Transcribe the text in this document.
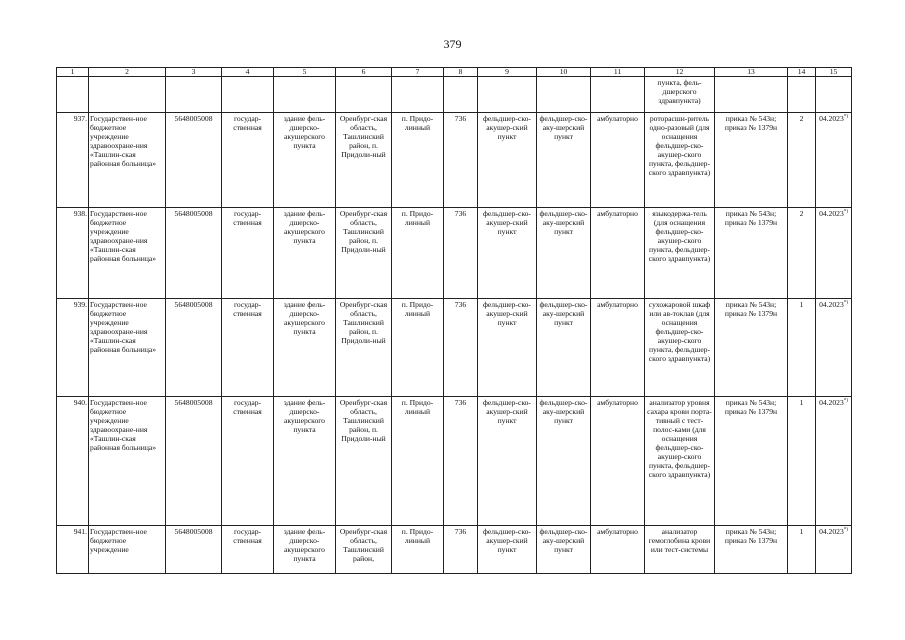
379
1	2	3	4	5	6	7	8	9	10	11	12	13	14	15
											пункта, фель-дшерского здравпункта)			
937.	Государствен-ное бюджетное учреждение здравоохране-ния «Ташлин-ская районная больница»	5648005008	государ-ственная	здание фель-дшерско-акушерского пункта	Оренбург-ская область, Ташлинский район, п. Придоли-ный	п. Придо-линный	736	фельдшер-ско-акушер-ский пункт	фельдшер-ско-аку-шерский пункт	амбулаторно	роторасши-ритель одно-разовый (для оснащения фельдшер-ско-акушер-ского пункта, фельдшер-ского здравпункта)	приказ № 543н; приказ № 1379н	2	04.2023*)
938.	Государствен-ное бюджетное учреждение здравоохране-ния «Ташлин-ская районная больница»	5648005008	государ-ственная	здание фель-дшерско-акушерского пункта	Оренбург-ская область, Ташлинский район, п. Придоли-ный	п. Придо-линный	736	фельдшер-ско-акушер-ский пункт	фельдшер-ско-аку-шерский пункт	амбулаторно	языкодержа-тель (для оснащения фельдшер-ско-акушер-ского пункта, фельдшер-ского здравпункта)	приказ № 543н; приказ № 1379н	2	04.2023*)
939.	Государствен-ное бюджетное учреждение здравоохране-ния «Ташлин-ская районная больница»	5648005008	государ-ственная	здание фель-дшерско-акушерского пункта	Оренбург-ская область, Ташлинский район, п. Придоли-ный	п. Придо-линный	736	фельдшер-ско-акушер-ский пункт	фельдшер-ско-аку-шерский пункт	амбулаторно	сухожаровой шкаф или ав-токлав (для оснащения фельдшер-ско-акушер-ского пункта, фельдшер-ского здравпункта)	приказ № 543н; приказ № 1379н	1	04.2023*)
940.	Государствен-ное бюджетное учреждение здравоохране-ния «Ташлин-ская районная больница»	5648005008	государ-ственная	здание фель-дшерско-акушерского пункта	Оренбург-ская область, Ташлинский район, п. Придоли-ный	п. Придо-линный	736	фельдшер-ско-акушер-ский пункт	фельдшер-ско-аку-шерский пункт	амбулаторно	анализатор уровня сахара крови порта-тивный с тест-полос-ками (для оснащения фельдшер-ско-акушер-ского пункта, фельдшер-ского здравпункта)	приказ № 543н; приказ № 1379н	1	04.2023*)
941.	Государствен-ное бюджетное учреждение	5648005008	государ-ственная	здание фель-дшерско-акушерского пункта	Оренбург-ская область, Ташлинский район,	п. Придо-линный	736	фельдшер-ско-акушер-ский пункт	фельдшер-ско-аку-шерский пункт	амбулаторно	анализатор гемоглобина крови или тест-системы	приказ № 543н; приказ № 1379н	1	04.2023*)
